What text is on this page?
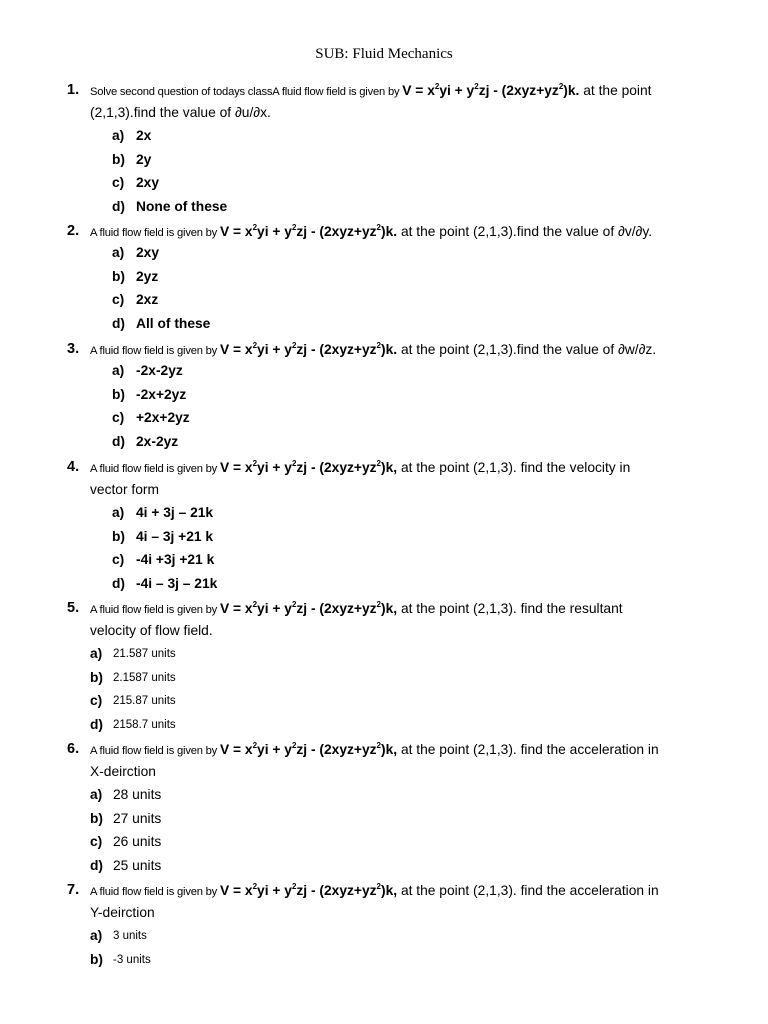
SUB: Fluid Mechanics
1. Solve second question of todays classA fluid flow field is given by $V = x^2yi + y^2zj - (2xyz+yz^2)k$. at the point
(2,1,3).find the value of ∂u/∂x.
a) 2x
b) 2y
c) 2xy
d) None of these
2. A fluid flow field is given by $V = x^2yi + y^2zj - (2xyz+yz^2)k$. at the point (2,1,3).find the value of ∂v/∂y.
a) 2xy
b) 2yz
c) 2xz
d) All of these
3. A fluid flow field is given by $V = x^2yi + y^2zj - (2xyz+yz^2)k$. at the point (2,1,3).find the value of ∂w/∂z.
a) -2x-2yz
b) -2x+2yz
c) +2x+2yz
d) 2x-2yz
4. A fluid flow field is given by $V = x^2yi + y^2zj - (2xyz+yz^2)k$, at the point (2,1,3). find the velocity in
vector form
a) 4i + 3j – 21k
b) 4i – 3j +21 k
c) -4i +3j +21 k
d) -4i – 3j – 21k
5. A fluid flow field is given by $V = x^2yi + y^2zj - (2xyz+yz^2)k$, at the point (2,1,3). find the resultant
velocity of flow field.
a) 21.587 units
b) 2.1587 units
c) 215.87 units
d) 2158.7 units
6. A fluid flow field is given by $V = x^2yi + y^2zj - (2xyz+yz^2)k$, at the point (2,1,3). find the acceleration in
X-deirction
a) 28 units
b) 27 units
c) 26 units
d) 25 units
7. A fluid flow field is given by $V = x^2yi + y^2zj - (2xyz+yz^2)k$, at the point (2,1,3). find the acceleration in
Y-deirction
a) 3 units
b) -3 units
